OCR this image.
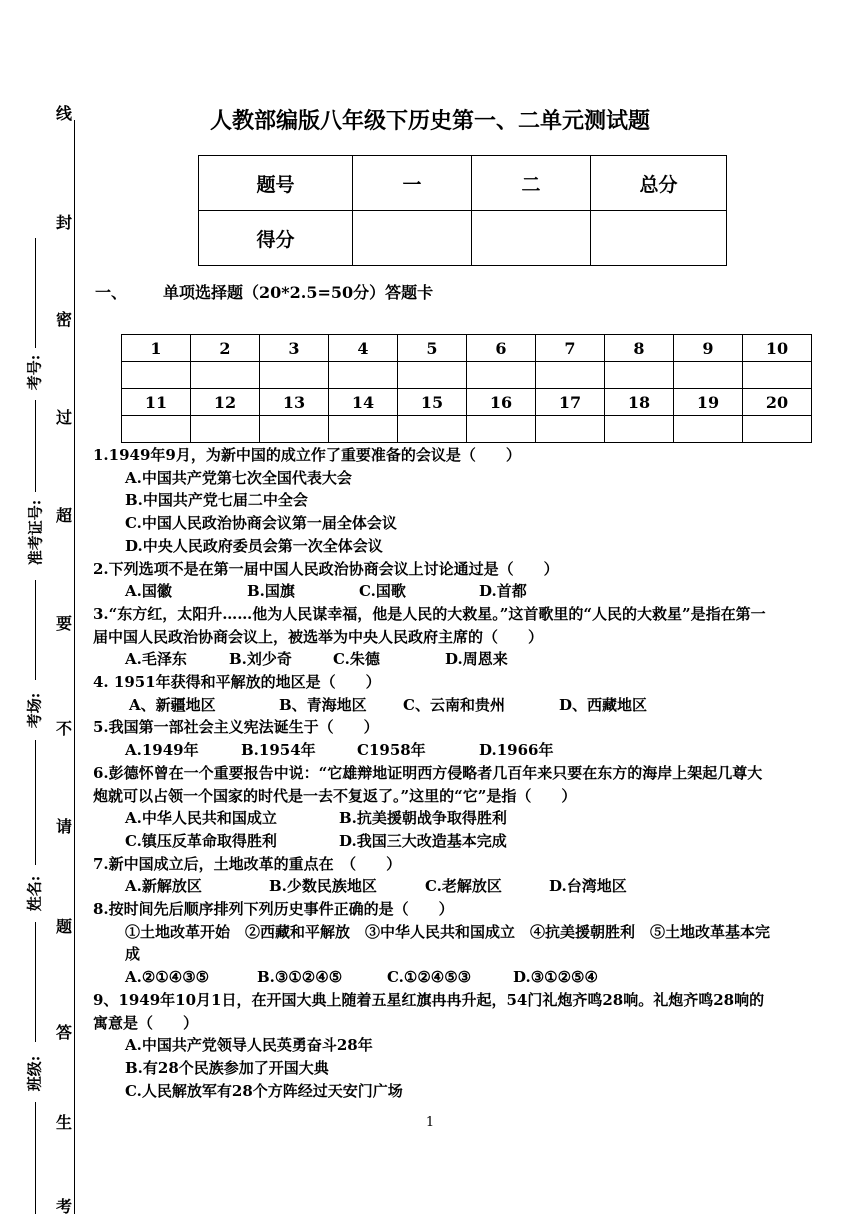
线
封
密
过
超
要
不
请
题
答
生
考
考号:
准考证号:
考场:
姓名:
班级:
人教部编版八年级下历史第一、二单元测试题
题号	一	二	总分
得分			
一、 单项选择题（20*2.5=50分）答题卡
1	2	3	4	5	6	7	8	9	10

11	12	13	14	15	16	17	18	19	20

1.1949年9月，为新中国的成立作了重要准备的会议是（　　）

A.中国共产党第七次全国代表大会

B.中国共产党七届二中全会

C.中国人民政治协商会议第一届全体会议

D.中央人民政府委员会第一次全体会议

2.下列选项不是在第一届中国人民政治协商会议上讨论通过是（　　）

A.国徽	B.国旗	C.国歌	D.首都

3.“东方红，太阳升……他为人民谋幸福，他是人民的大救星。”这首歌里的“人民的大救星”是指在第一届中国人民政治协商会议上，被选举为中央人民政府主席的（　　）

A.毛泽东	B.刘少奇	C.朱德	D.周恩来

4. 1951年获得和平解放的地区是（　　）

A、新疆地区	B、青海地区 C、云南和贵州	D、西藏地区

5.我国第一部社会主义宪法诞生于（　　）

A.1949年	B.1954年	C1958年	D.1966年

6.彭德怀曾在一个重要报告中说：“它雄辩地证明西方侵略者几百年来只要在东方的海岸上架起几尊大炮就可以占领一个国家的时代是一去不复返了。”这里的“它”是指（　　）

A.中华人民共和国成立	B.抗美援朝战争取得胜利

C.镇压反革命取得胜利	D.我国三大改造基本完成

7.新中国成立后，土地改革的重点在　（　　）

A.新解放区	B.少数民族地区	C.老解放区	D.台湾地区

8.按时间先后顺序排列下列历史事件正确的是（　　）

①土地改革开始　②西藏和平解放　③中华人民共和国成立　④抗美援朝胜利　⑤土地改革基本完成

A.②①④③⑤	B.③①②④⑤	C.①②④⑤③	D.③①②⑤④

9、1949年10月1日，在开国大典上随着五星红旗冉冉升起，54门礼炮齐鸣28响。礼炮齐鸣28响的寓意是（　　）

A.中国共产党领导人民英勇奋斗28年

B.有28个民族参加了开国大典

C.人民解放军有28个方阵经过天安门广场

1
